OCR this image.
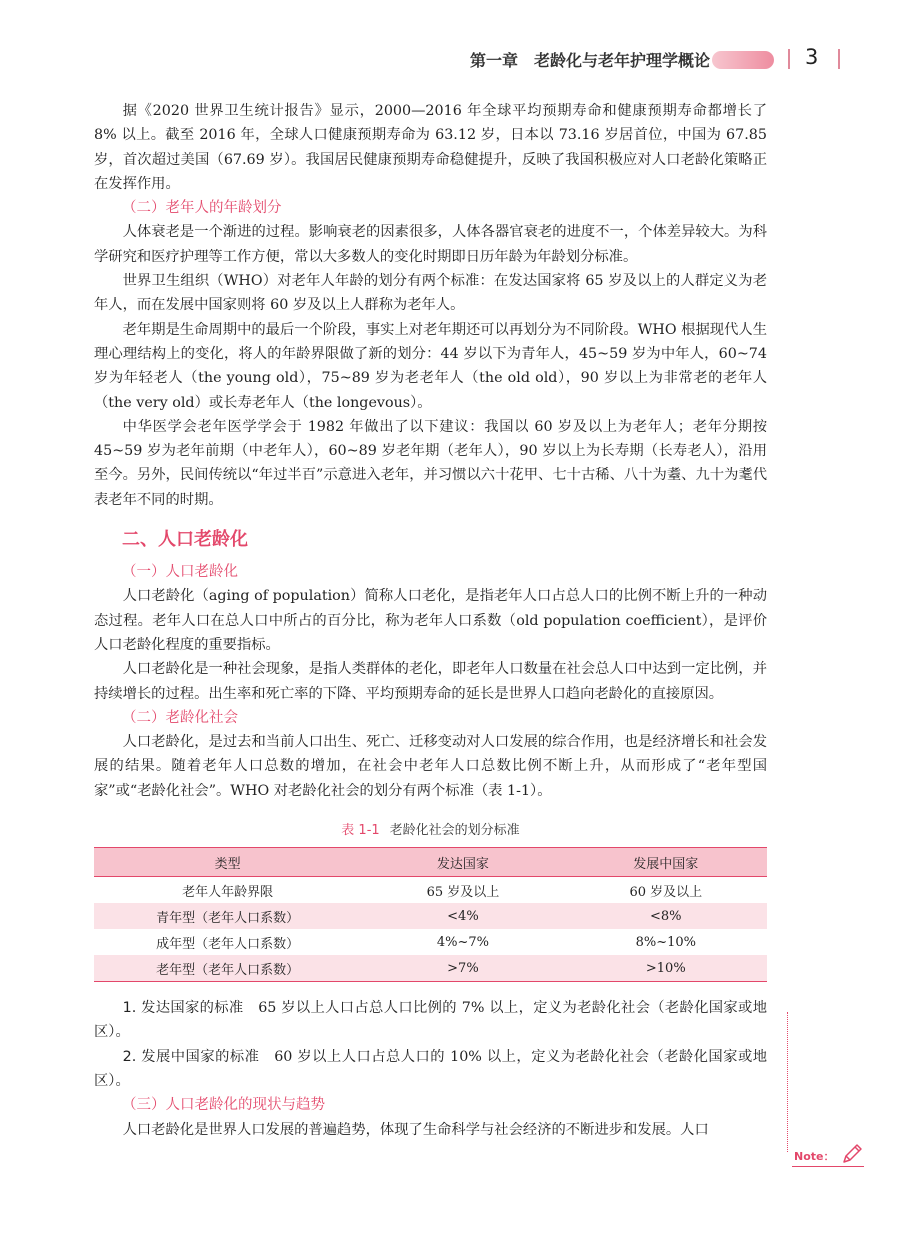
第一章　老龄化与老年护理学概论	3

据《2020 世界卫生统计报告》显示，2000—2016 年全球平均预期寿命和健康预期寿命都增长了 8% 以上。截至 2016 年，全球人口健康预期寿命为 63.12 岁，日本以 73.16 岁居首位，中国为 67.85 岁，首次超过美国（67.69 岁）。我国居民健康预期寿命稳健提升，反映了我国积极应对人口老龄化策略正在发挥作用。

（二）老年人的年龄划分

人体衰老是一个渐进的过程。影响衰老的因素很多，人体各器官衰老的进度不一，个体差异较大。为科学研究和医疗护理等工作方便，常以大多数人的变化时期即日历年龄为年龄划分标准。

世界卫生组织（WHO）对老年人年龄的划分有两个标准：在发达国家将 65 岁及以上的人群定义为老年人，而在发展中国家则将 60 岁及以上人群称为老年人。

老年期是生命周期中的最后一个阶段，事实上对老年期还可以再划分为不同阶段。WHO 根据现代人生理心理结构上的变化，将人的年龄界限做了新的划分：44 岁以下为青年人，45~59 岁为中年人，60~74 岁为年轻老人（the young old），75~89 岁为老老年人（the old old），90 岁以上为非常老的老年人（the very old）或长寿老年人（the longevous）。

中华医学会老年医学学会于 1982 年做出了以下建议：我国以 60 岁及以上为老年人；老年分期按 45~59 岁为老年前期（中老年人），60~89 岁老年期（老年人），90 岁以上为长寿期（长寿老人），沿用至今。另外，民间传统以“年过半百”示意进入老年，并习惯以六十花甲、七十古稀、八十为耋、九十为耄代表老年不同的时期。

二、人口老龄化
（一）人口老龄化

人口老龄化（aging of population）简称人口老化，是指老年人口占总人口的比例不断上升的一种动态过程。老年人口在总人口中所占的百分比，称为老年人口系数（old population coefficient），是评价人口老龄化程度的重要指标。

人口老龄化是一种社会现象，是指人类群体的老化，即老年人口数量在社会总人口中达到一定比例，并持续增长的过程。出生率和死亡率的下降、平均预期寿命的延长是世界人口趋向老龄化的直接原因。

（二）老龄化社会

人口老龄化，是过去和当前人口出生、死亡、迁移变动对人口发展的综合作用，也是经济增长和社会发展的结果。随着老年人口总数的增加，在社会中老年人口总数比例不断上升，从而形成了“老年型国家”或“老龄化社会”。WHO 对老龄化社会的划分有两个标准（表 1-1）。

表 1-1 老龄化社会的划分标准
类型	发达国家	发展中国家
老年人年龄界限	65 岁及以上	60 岁及以上
青年型（老年人口系数）	<4%	<8%
成年型（老年人口系数）	4%~7%	8%~10%
老年型（老年人口系数）	>7%	>10%

1. 发达国家的标准　 65 岁以上人口占总人口比例的 7% 以上，定义为老龄化社会（老龄化国家或地区）。

2. 发展中国家的标准　 60 岁以上人口占总人口的 10% 以上，定义为老龄化社会（老龄化国家或地区）。

（三）人口老龄化的现状与趋势

人口老龄化是世界人口发展的普遍趋势，体现了生命科学与社会经济的不断进步和发展。人口

Note：
